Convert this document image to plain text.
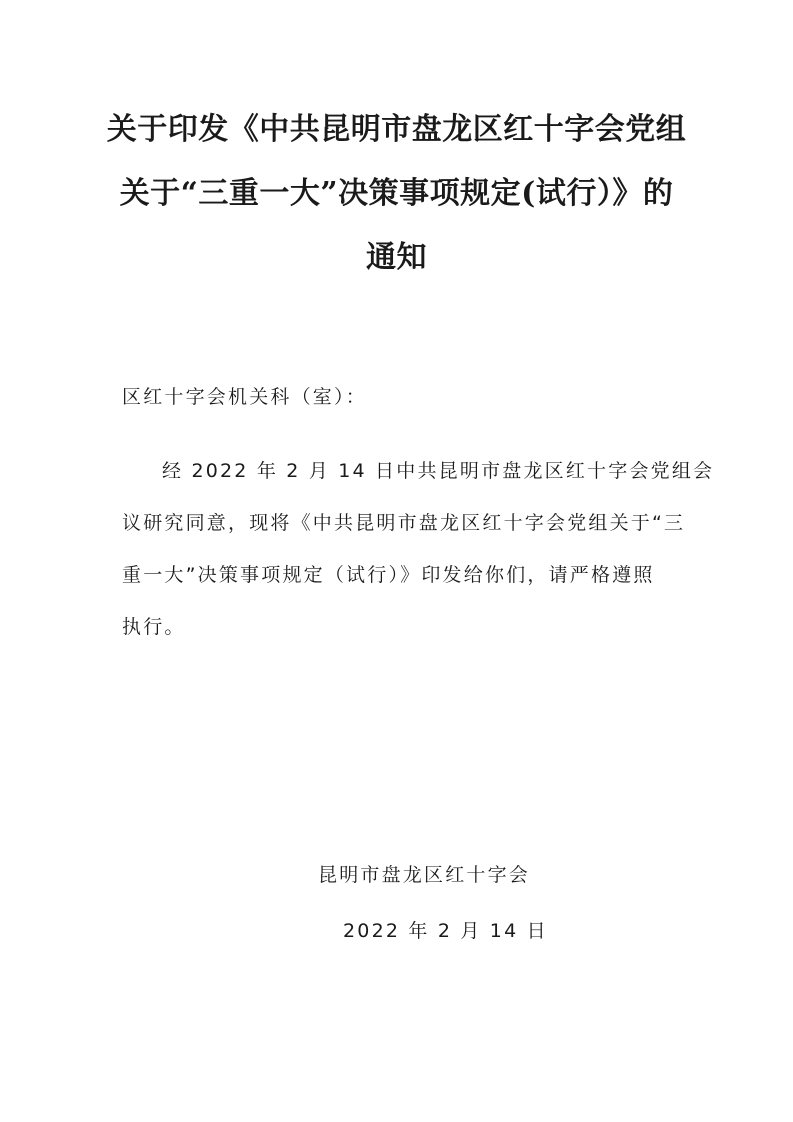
关于印发《中共昆明市盘龙区红十字会党组
关于“三重一大”决策事项规定(试行）》的
通知

区红十字会机关科（室）：

经 2022 年 2 月 14 日中共昆明市盘龙区红十字会党组会

议研究同意，现将《中共昆明市盘龙区红十字会党组关于“三

重一大”决策事项规定（试行）》印发给你们，请严格遵照

执行。

昆明市盘龙区红十字会

2022 年 2 月 14 日
